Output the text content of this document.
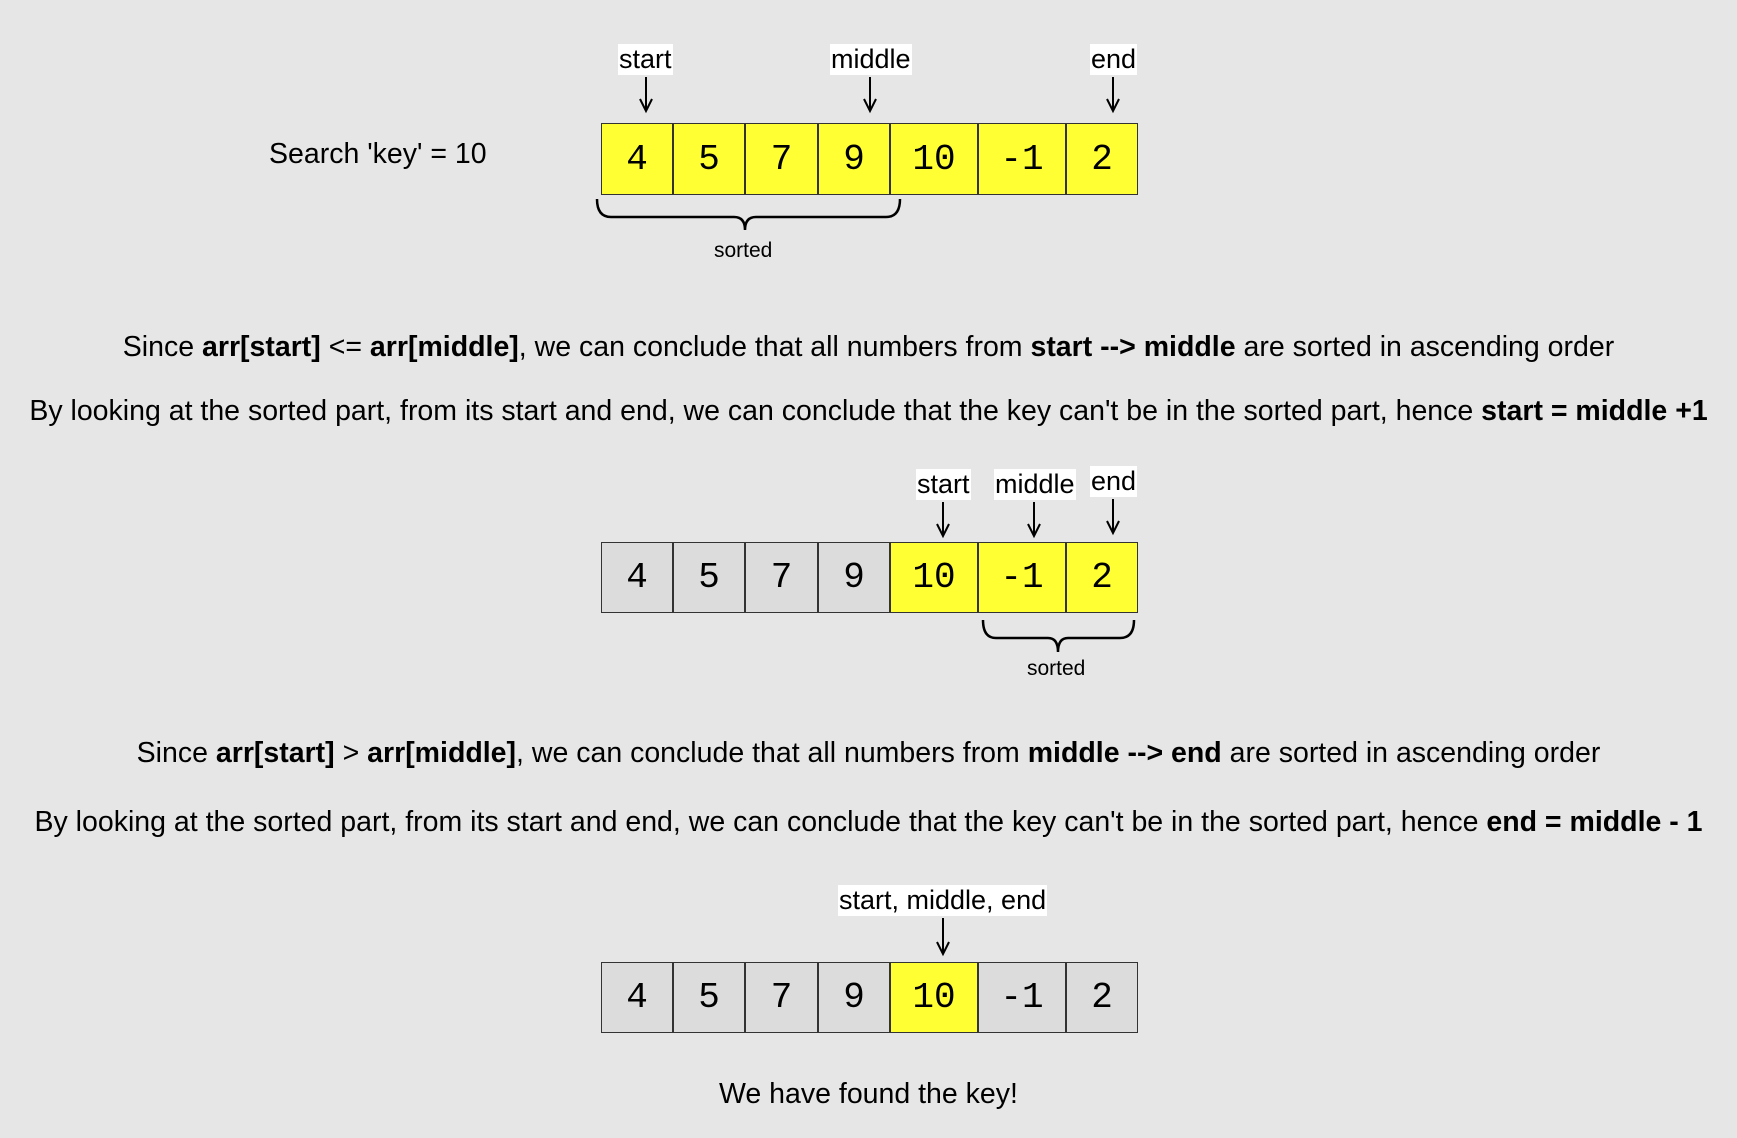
Search 'key' = 10
start	middle	end
4	5	7	9	10	-1	2
sorted
Since arr[start] <= arr[middle], we can conclude that all numbers from start --> middle are sorted in ascending order
By looking at the sorted part, from its start and end, we can conclude that the key can't be in the sorted part, hence start = middle +1
start middle end
4	5	7	9	10	-1	2
sorted
Since arr[start] > arr[middle], we can conclude that all numbers from middle --> end are sorted in ascending order
By looking at the sorted part, from its start and end, we can conclude that the key can't be in the sorted part, hence end = middle - 1
start, middle, end
4	5	7	9	10	-1	2
We have found the key!
